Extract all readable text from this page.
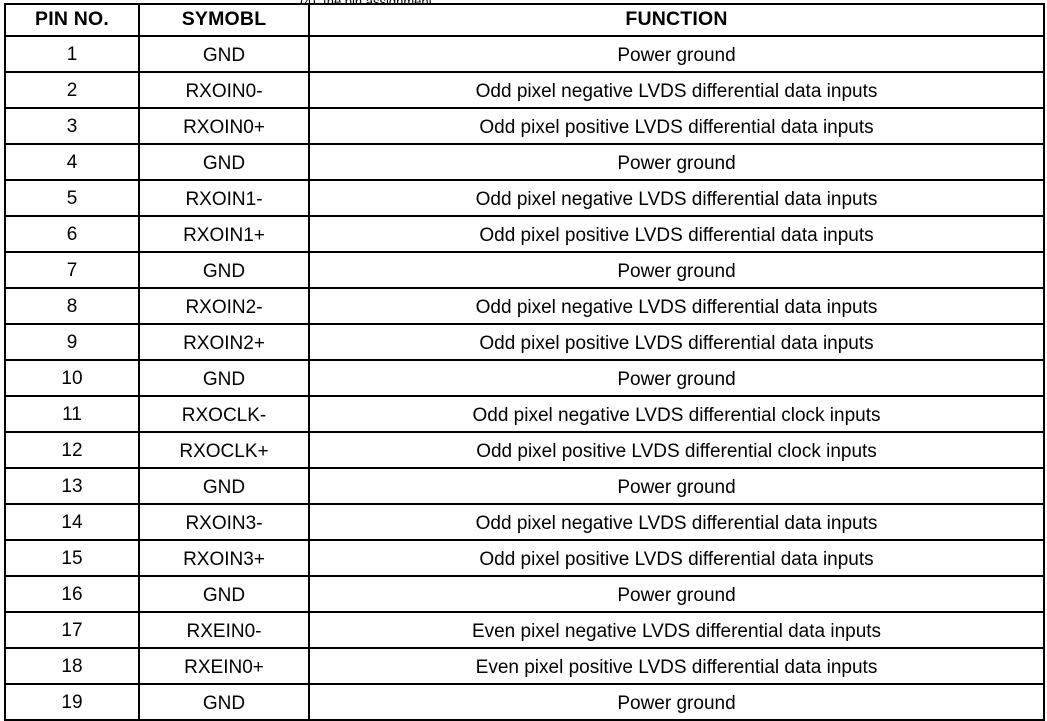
PIN NO.	SYMOBL	FUNCTION
1	GND	Power ground
2	RXOIN0-	Odd pixel negative LVDS differential data inputs
3	RXOIN0+	Odd pixel positive LVDS differential data inputs
4	GND	Power ground
5	RXOIN1-	Odd pixel negative LVDS differential data inputs
6	RXOIN1+	Odd pixel positive LVDS differential data inputs
7	GND	Power ground
8	RXOIN2-	Odd pixel negative LVDS differential data inputs
9	RXOIN2+	Odd pixel positive LVDS differential data inputs
10	GND	Power ground
11	RXOCLK-	Odd pixel negative LVDS differential clock inputs
12	RXOCLK+	Odd pixel positive LVDS differential clock inputs
13	GND	Power ground
14	RXOIN3-	Odd pixel negative LVDS differential data inputs
15	RXOIN3+	Odd pixel positive LVDS differential data inputs
16	GND	Power ground
17	RXEIN0-	Even pixel negative LVDS differential data inputs
18	RXEIN0+	Even pixel positive LVDS differential data inputs
19	GND	Power ground
